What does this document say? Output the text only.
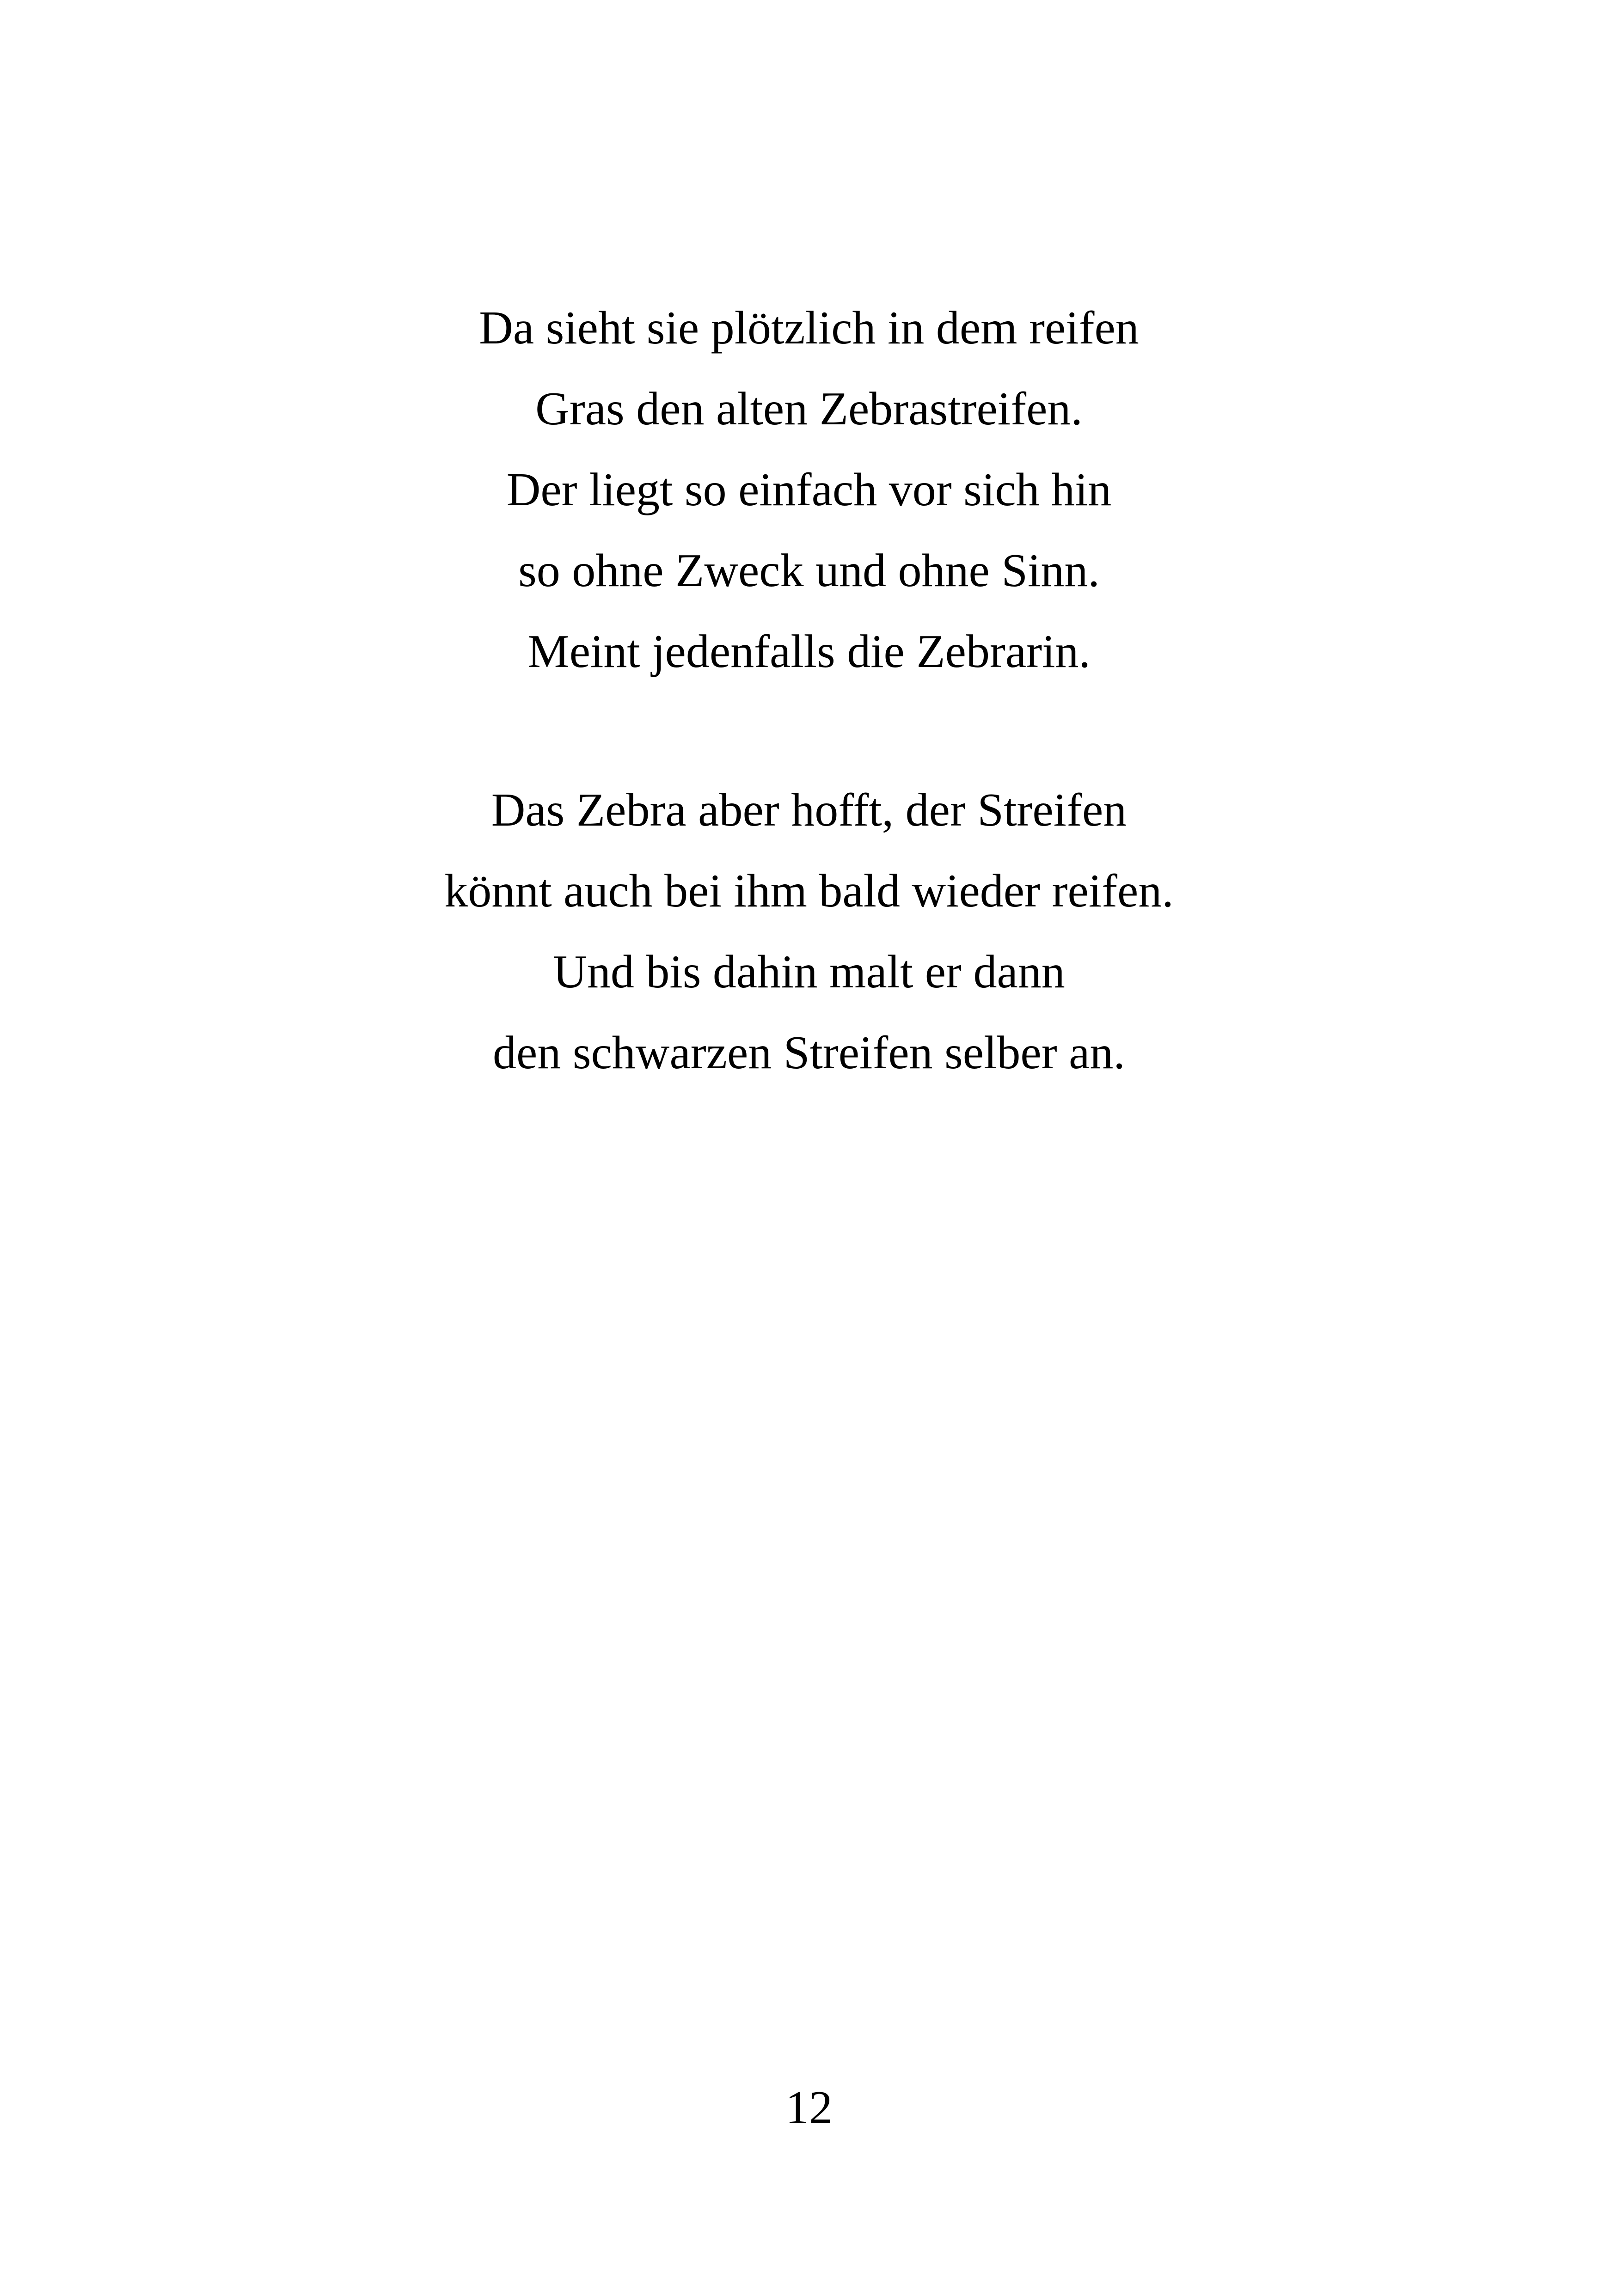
Da sieht sie plötzlich in dem reifen
Gras den alten Zebrastreifen.
Der liegt so einfach vor sich hin
so ohne Zweck und ohne Sinn.
Meint jedenfalls die Zebrarin.
Das Zebra aber hofft, der Streifen
könnt auch bei ihm bald wieder reifen.
Und bis dahin malt er dann
den schwarzen Streifen selber an.
12
